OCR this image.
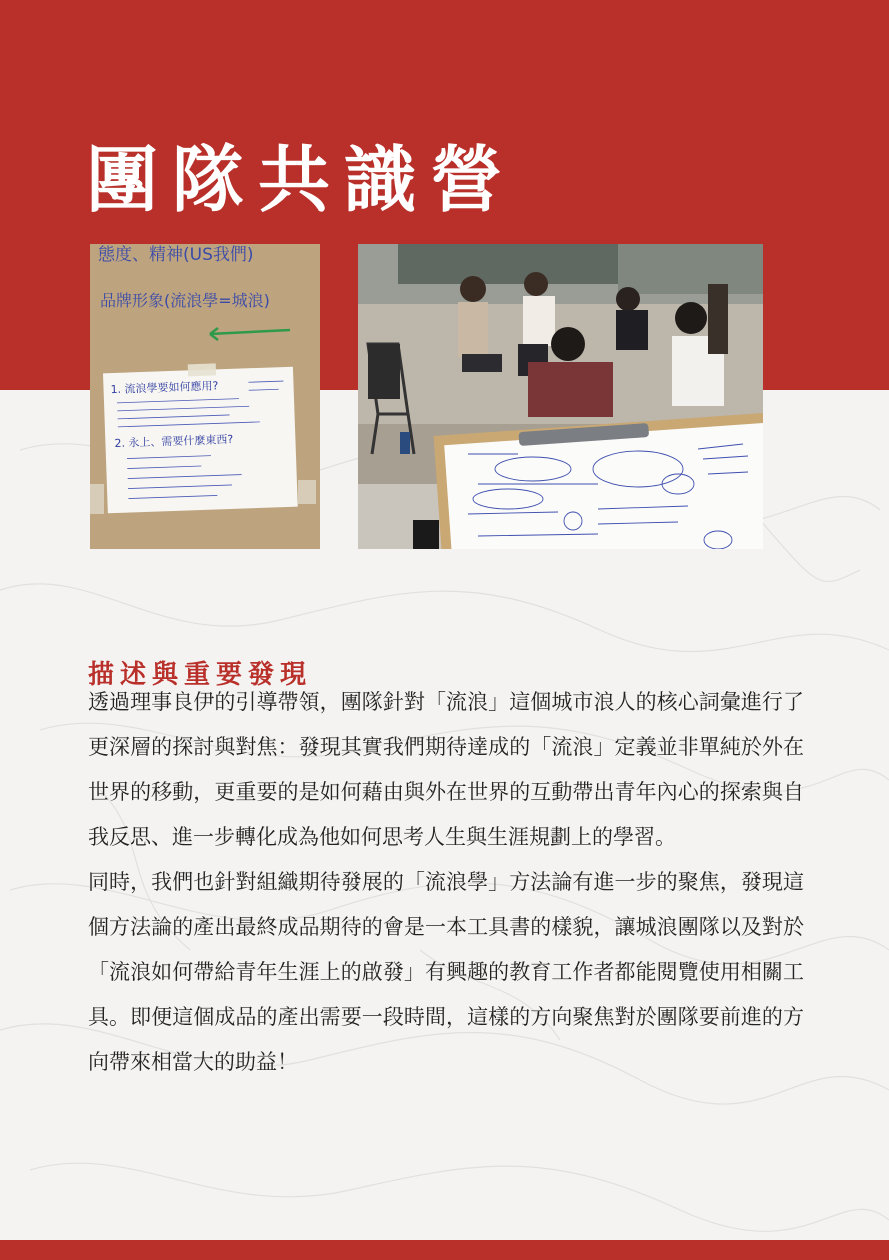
團隊共識營
態度、精神(US我們)
品牌形象(流浪學=城浪)
1. 流浪學要如何應用?
2. 永上、需要什麼東西?
描述與重要發現

透過理事良伊的引導帶領，團隊針對「流浪」這個城市浪人的核心詞彙進行了更深層的探討與對焦：發現其實我們期待達成的「流浪」定義並非單純於外在世界的移動，更重要的是如何藉由與外在世界的互動帶出青年內心的探索與自我反思、進一步轉化成為他如何思考人生與生涯規劃上的學習。

同時，我們也針對組織期待發展的「流浪學」方法論有進一步的聚焦，發現這個方法論的產出最終成品期待的會是一本工具書的樣貌，讓城浪團隊以及對於「流浪如何帶給青年生涯上的啟發」有興趣的教育工作者都能閱覽使用相關工具。即便這個成品的產出需要一段時間，這樣的方向聚焦對於團隊要前進的方向帶來相當大的助益！
